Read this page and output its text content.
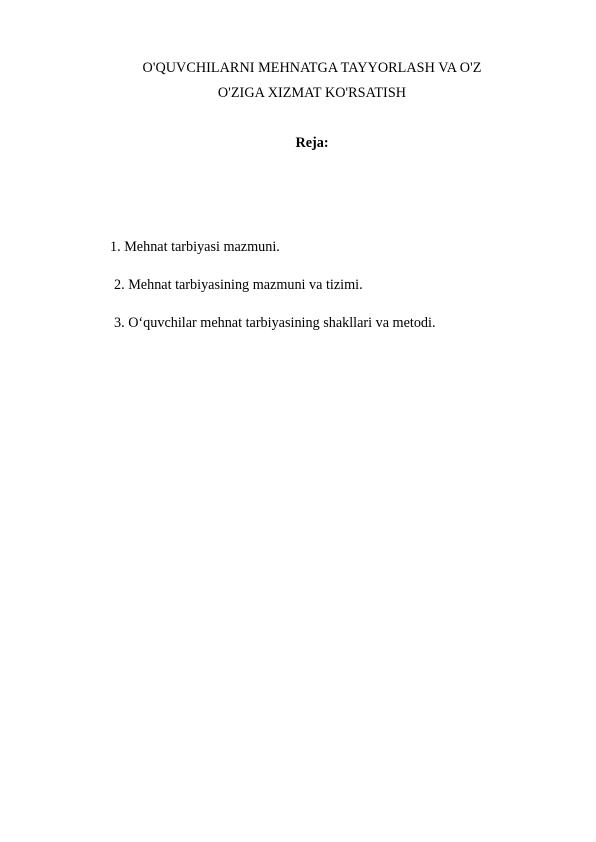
O'QUVCHILARNI MEHNATGA TAYYORLASH VA O'Z
O'ZIGA XIZMAT KO'RSATISH
Reja:
1. Mehnat tarbiyasi mazmuni.
2. Mehnat tarbiyasining mazmuni va tizimi.
3. O‘quvchilar mehnat tarbiyasining shakllari va metodi.
